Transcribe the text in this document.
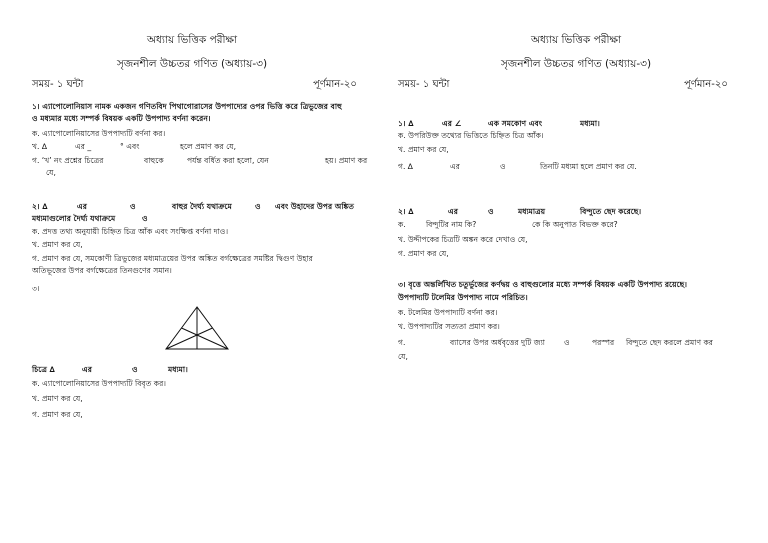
অধ্যায় ভিত্তিক পরীক্ষা
সৃজনশীল উচ্চতর গণিত (অধ্যায়-৩)
সময়- ১ ঘন্টা	পূর্ণমান-২০
১। এ্যাপোলোনিয়াস নামক একজন গণিতবিদ পিথাগোরাসের উপপাদ্যের ওপর ভিত্তি করে ত্রিভুজের বাহু
ও মধ্যমার মধ্যে সম্পর্ক বিষয়ক একটি উপপাদ্য বর্ণনা করেন।
ক. এ্যাপোলোনিয়াসের উপপাদ্যটি বর্ণনা কর।
খ. ∆	এর _	° এবং	হলে প্রমাণ কর যে,
গ. ‘খ’ নং প্রশ্নের চিত্রের	বাহুকে	পর্যন্ত বর্ধিত করা হলো, যেন	হয়। প্রমাণ কর
যে,
২। ∆	এর	ও	বাহুর দৈর্ঘ্য যথাক্রমে	ও এবং উহাদের উপর অঙ্কিত
মধ্যমাগুলোর দৈর্ঘ্য যথাক্রমে	ও
ক. প্রদত্ত তথ্য অনুযায়ী চিহ্নিত চিত্র আঁক এবং সংক্ষিপ্ত বর্ণনা দাও।
খ. প্রমাণ কর যে,
গ. প্রমাণ কর যে, সমকোণী ত্রিভুজের মধ্যমাত্রয়ের উপর অঙ্কিত বর্গক্ষেত্রের সমষ্টির দ্বিগুণ উহার
অতিভূজের উপর বর্গক্ষেত্রের তিনগুণের সমান।
৩।
চিত্রে ∆	এর	ও	মধ্যমা।
ক. এ্যাপোলোনিয়াসের উপপাদ্যটি বিবৃত কর।
খ. প্রমাণ কর যে,
গ. প্রমাণ কর যে,
অধ্যায় ভিত্তিক পরীক্ষা
সৃজনশীল উচ্চতর গণিত (অধ্যায়-৩)
সময়- ১ ঘন্টা	পূর্ণমান-২০
১। ∆	এর ∠	এক সমকোণ এবং	মধ্যমা।
ক. উপরিউক্ত তথ্যের ভিত্তিতে চিহ্নিত চিত্র আঁক।
খ. প্রমাণ কর যে,
গ. ∆	এর	ও	তিনটি মধ্যমা হলে প্রমাণ কর যে.
২। ∆	এর	ও	মধ্যমাত্রয়	বিন্দুতে ছেদ করেছে।
ক.	বিন্দুটির নাম কি?	কে কি অনুপাত বিভক্ত করে?
খ. উদ্দীপকের চিত্রটি অঙ্কন করে দেখাও যে,
গ. প্রমাণ কর যে,
৩। বৃত্তে অন্তর্লিখিত চতুর্ভুজের কর্ণদ্বয় ও বাহুগুলোর মধ্যে সম্পর্ক বিষয়ক একটি উপপাদ্য রয়েছে।
উপপাদ্যটি টলেমির উপপাদ্য নামে পরিচিত।
ক. টলেমির উপপাদ্যটি বর্ণনা কর।
খ. উপপাদ্যটির সত্যতা প্রমাণ কর।
গ.	ব্যাসের উপর অর্ধবৃত্তের দুটি জ্যা	ও	পরস্পর বিন্দুতে ছেদ করলে প্রমাণ কর
যে,
